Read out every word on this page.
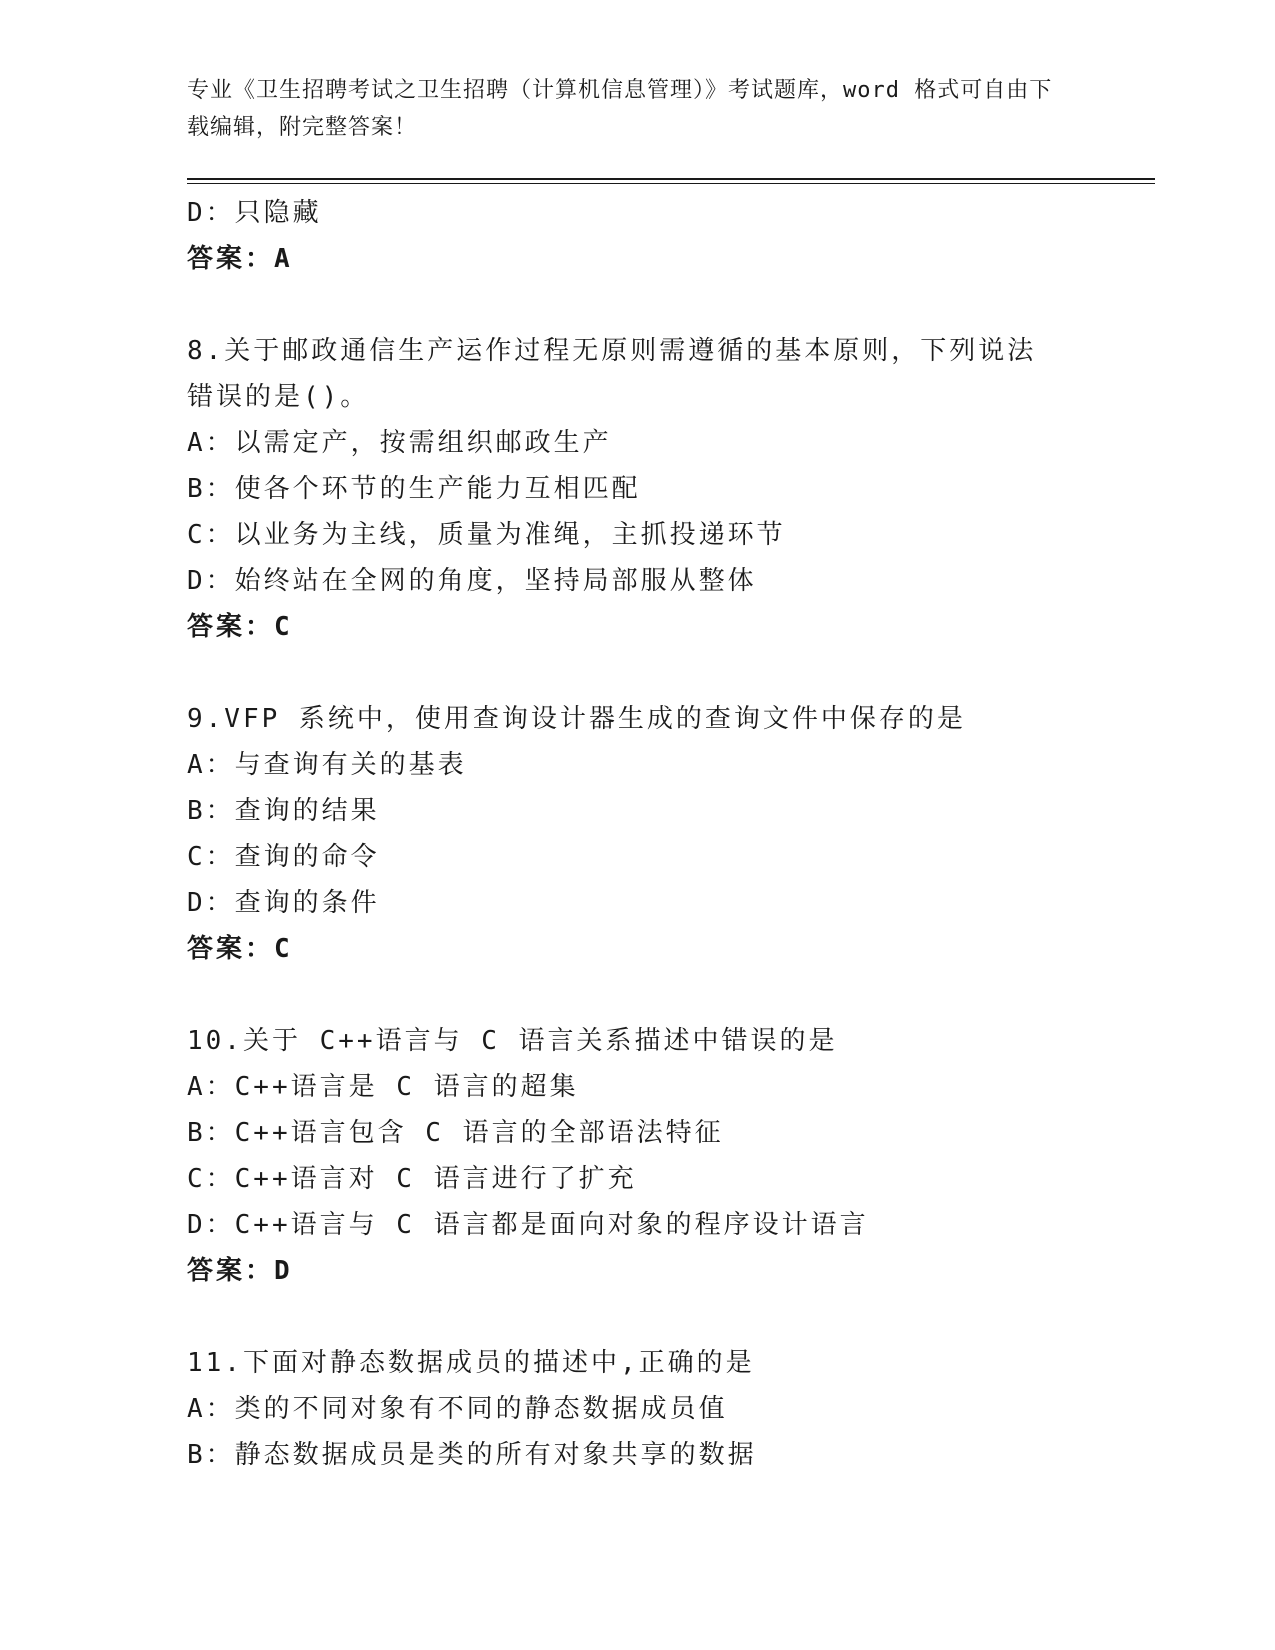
专业《卫生招聘考试之卫生招聘（计算机信息管理）》考试题库，word 格式可自由下载编辑，附完整答案！
D：只隐藏
答案：A
8.关于邮政通信生产运作过程无原则需遵循的基本原则，下列说法错误的是()。
A：以需定产，按需组织邮政生产
B：使各个环节的生产能力互相匹配
C：以业务为主线，质量为准绳，主抓投递环节
D：始终站在全网的角度，坚持局部服从整体
答案：C
9.VFP 系统中，使用查询设计器生成的查询文件中保存的是
A：与查询有关的基表
B：查询的结果
C：查询的命令
D：查询的条件
答案：C
10.关于 C++语言与 C 语言关系描述中错误的是
A：C++语言是 C 语言的超集
B：C++语言包含 C 语言的全部语法特征
C：C++语言对 C 语言进行了扩充
D：C++语言与 C 语言都是面向对象的程序设计语言
答案：D
11.下面对静态数据成员的描述中,正确的是
A：类的不同对象有不同的静态数据成员值
B：静态数据成员是类的所有对象共享的数据
